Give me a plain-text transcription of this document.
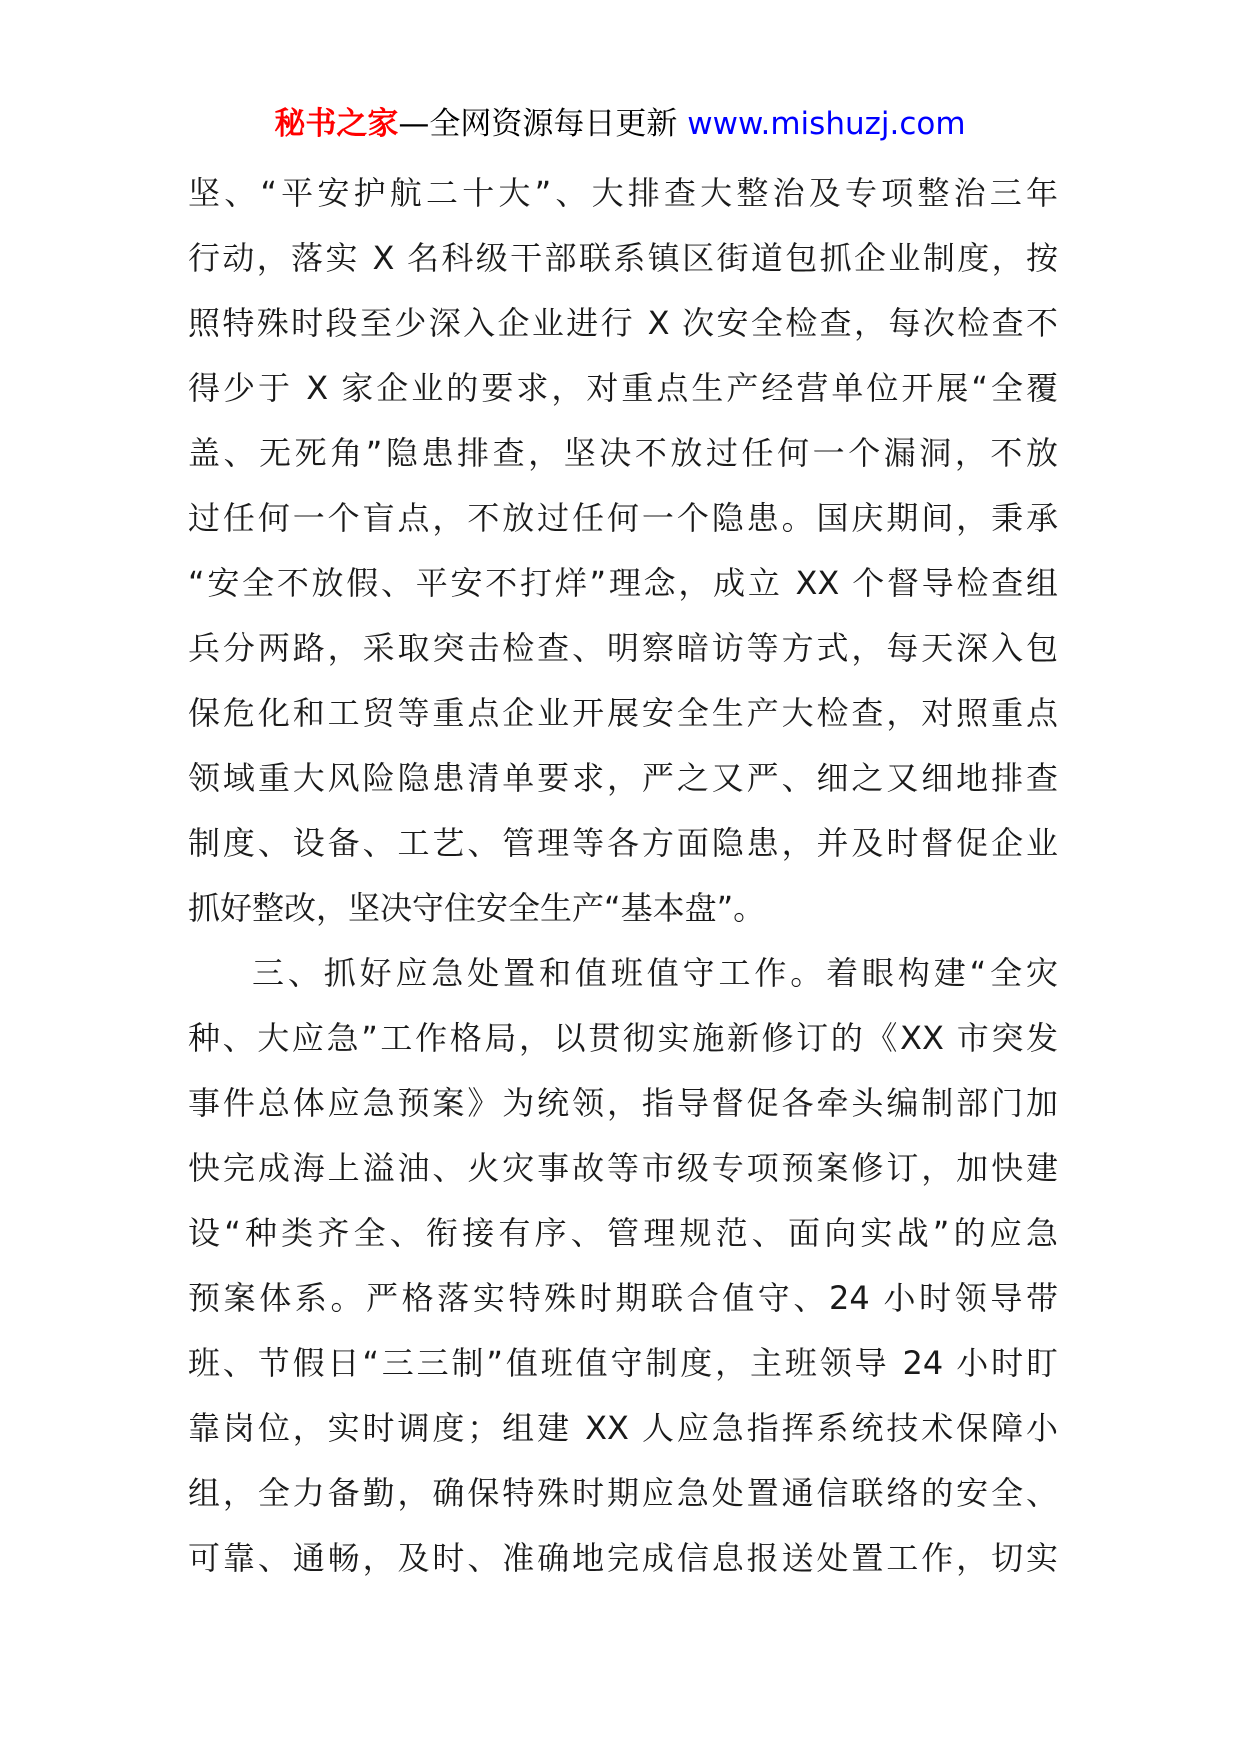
秘书之家—全网资源每日更新 www.mishuzj.com
坚、“平安护航二十大”、大排查大整治及专项整治三年
行动，落实 X 名科级干部联系镇区街道包抓企业制度，按
照特殊时段至少深入企业进行 X 次安全检查，每次检查不
得少于 X 家企业的要求，对重点生产经营单位开展“全覆
盖、无死角”隐患排查，坚决不放过任何一个漏洞，不放
过任何一个盲点，不放过任何一个隐患。国庆期间，秉承
“安全不放假、平安不打烊”理念，成立 XX 个督导检查组
兵分两路，采取突击检查、明察暗访等方式，每天深入包
保危化和工贸等重点企业开展安全生产大检查，对照重点
领域重大风险隐患清单要求，严之又严、细之又细地排查
制度、设备、工艺、管理等各方面隐患，并及时督促企业
抓好整改，坚决守住安全生产“基本盘”。
三、抓好应急处置和值班值守工作。着眼构建“全灾
种、大应急”工作格局，以贯彻实施新修订的《XX 市突发
事件总体应急预案》为统领，指导督促各牵头编制部门加
快完成海上溢油、火灾事故等市级专项预案修订，加快建
设“种类齐全、衔接有序、管理规范、面向实战”的应急
预案体系。严格落实特殊时期联合值守、24 小时领导带
班、节假日“三三制”值班值守制度，主班领导 24 小时盯
靠岗位，实时调度；组建 XX 人应急指挥系统技术保障小
组，全力备勤，确保特殊时期应急处置通信联络的安全、
可靠、通畅，及时、准确地完成信息报送处置工作，切实
